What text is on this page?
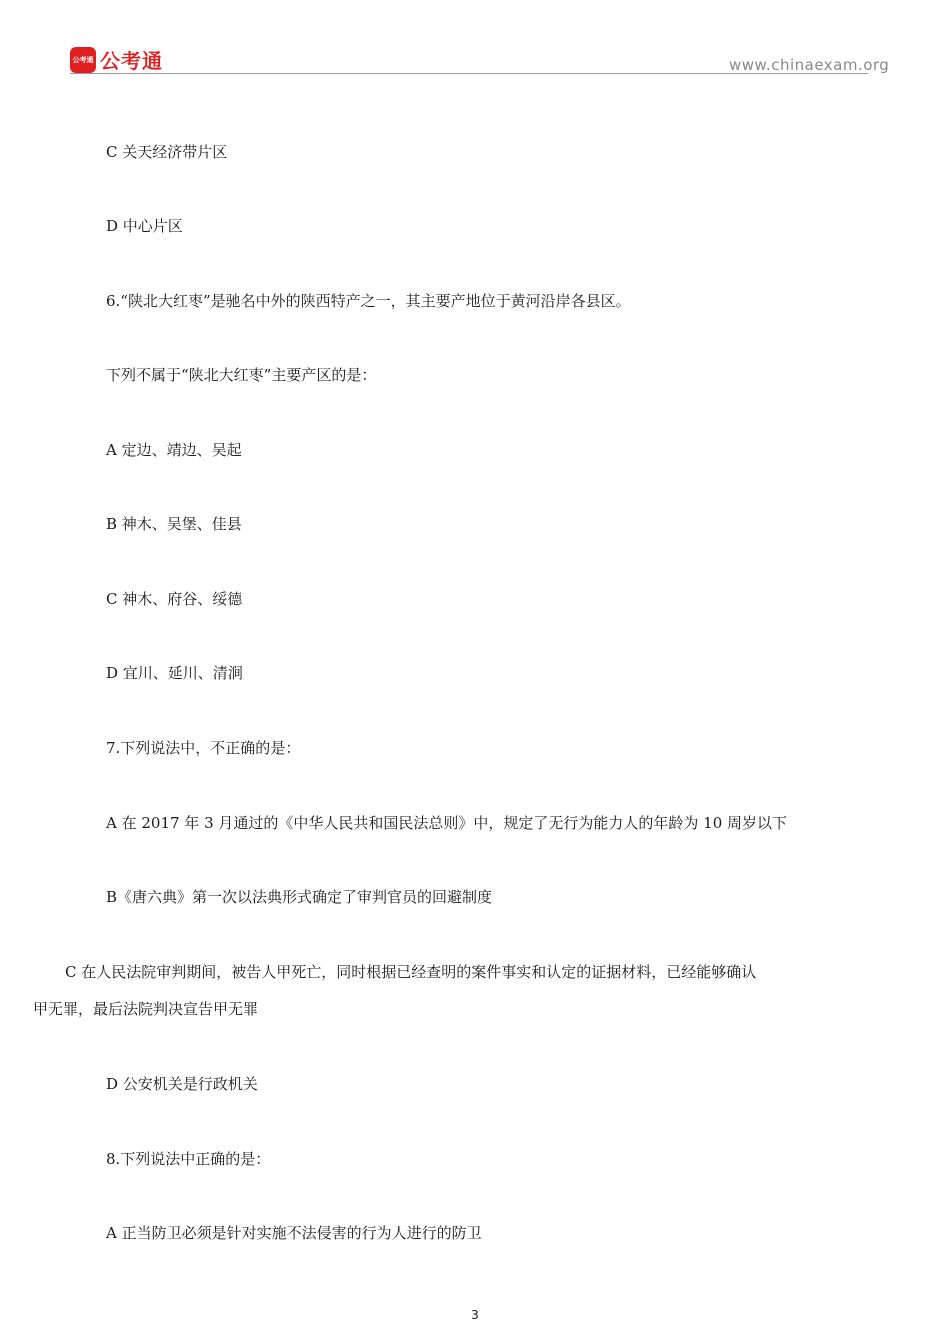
公考通 公考通	www.chinaexam.org
C 关天经济带片区
D 中心片区
6.“陕北大红枣”是驰名中外的陕西特产之一，其主要产地位于黄河沿岸各县区。
下列不属于“陕北大红枣”主要产区的是：
A 定边、靖边、吴起
B 神木、吴堡、佳县
C 神木、府谷、绥德
D 宜川、延川、清涧
7.下列说法中，不正确的是：
A 在 2017 年 3 月通过的《中华人民共和国民法总则》中，规定了无行为能力人的年龄为 10 周岁以下
B《唐六典》第一次以法典形式确定了审判官员的回避制度
C 在人民法院审判期间，被告人甲死亡，同时根据已经查明的案件事实和认定的证据材料，已经能够确认
甲无罪，最后法院判决宣告甲无罪
D 公安机关是行政机关
8.下列说法中正确的是：
A 正当防卫必须是针对实施不法侵害的行为人进行的防卫
3
